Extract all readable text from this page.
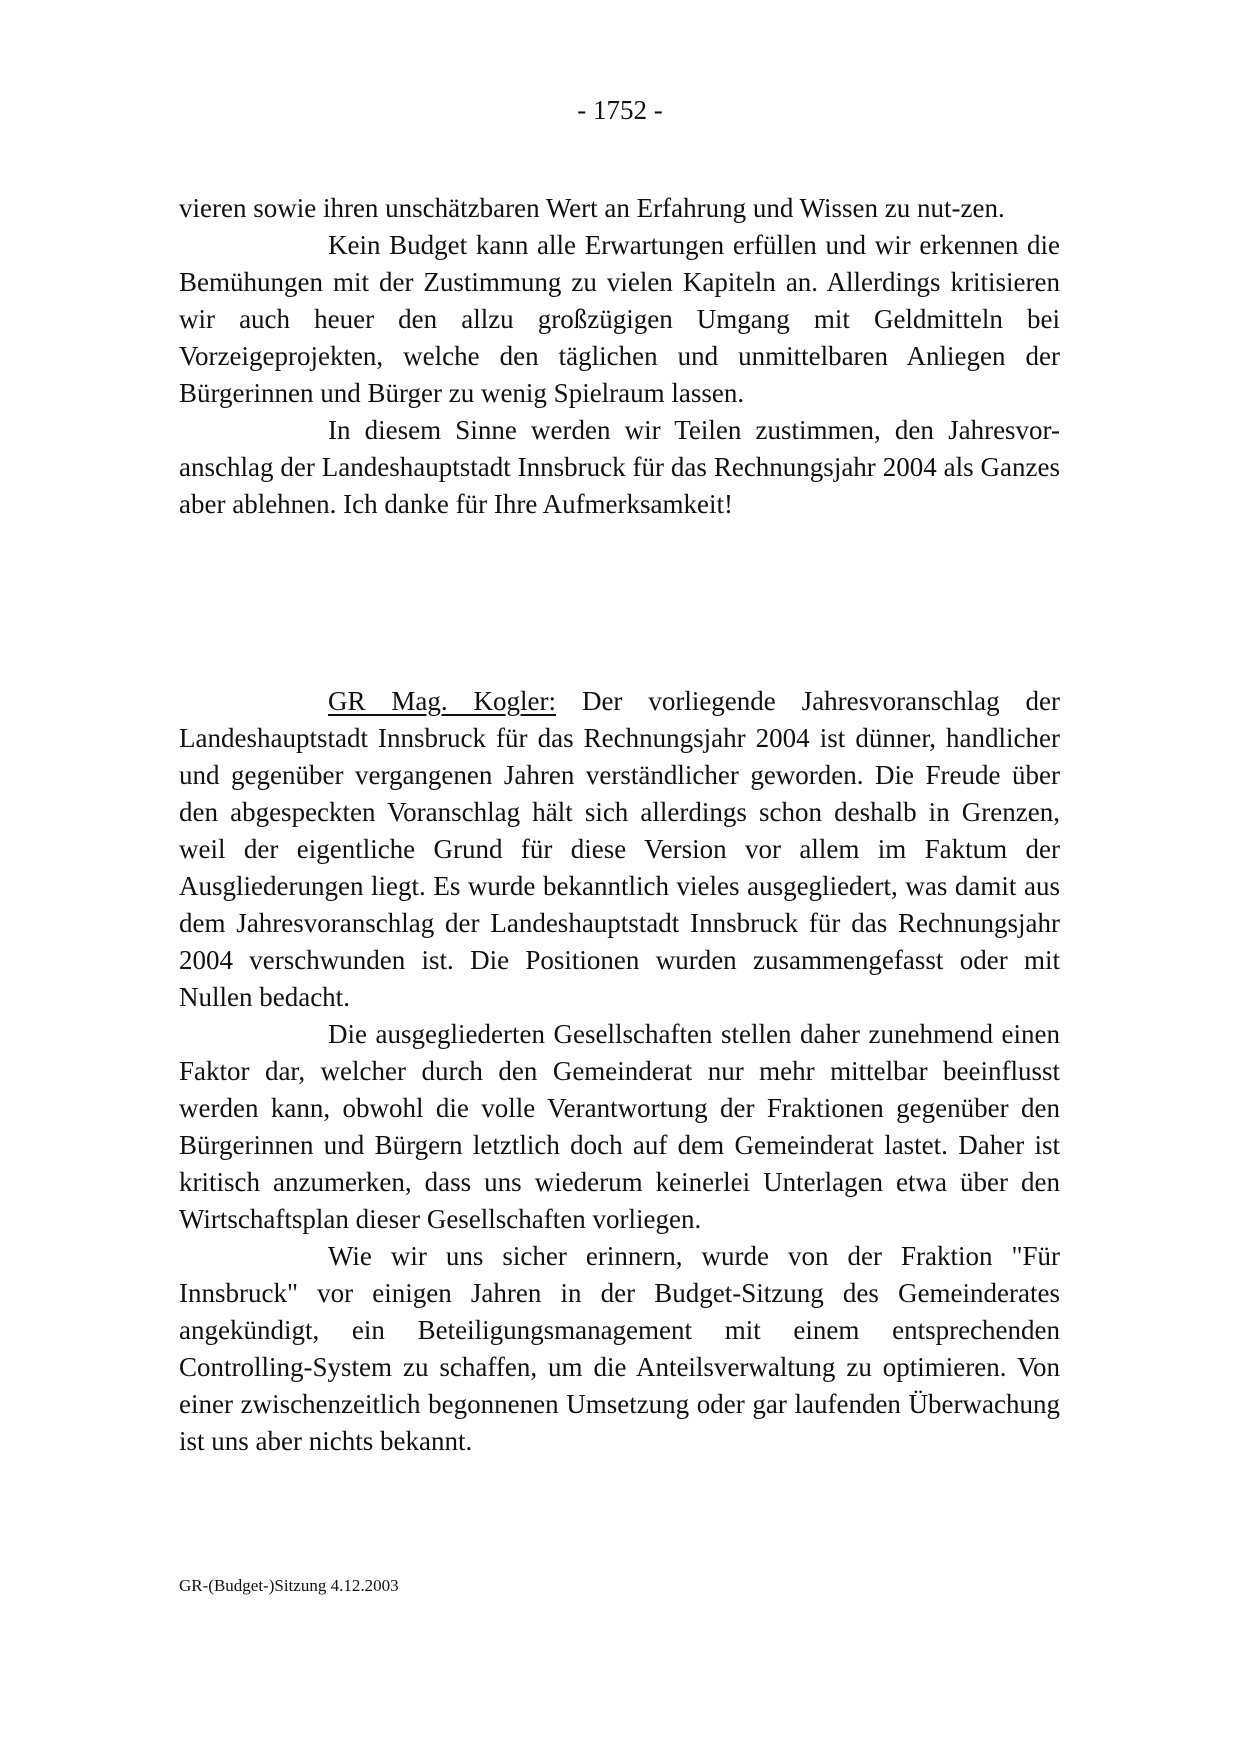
- 1752 -

vieren sowie ihren unschätzbaren Wert an Erfahrung und Wissen zu nut-zen.

Kein Budget kann alle Erwartungen erfüllen und wir erkennen die Bemühungen mit der Zustimmung zu vielen Kapiteln an. Allerdings kritisieren wir auch heuer den allzu großzügigen Umgang mit Geldmitteln bei Vorzeigeprojekten, welche den täglichen und unmittelbaren Anliegen der Bürgerinnen und Bürger zu wenig Spielraum lassen.

In diesem Sinne werden wir Teilen zustimmen, den Jahresvor-anschlag der Landeshauptstadt Innsbruck für das Rechnungsjahr 2004 als Ganzes aber ablehnen. Ich danke für Ihre Aufmerksamkeit!

GR Mag. Kogler: Der vorliegende Jahresvoranschlag der Landeshauptstadt Innsbruck für das Rechnungsjahr 2004 ist dünner, handlicher und gegenüber vergangenen Jahren verständlicher geworden. Die Freude über den abgespeckten Voranschlag hält sich allerdings schon deshalb in Grenzen, weil der eigentliche Grund für diese Version vor allem im Faktum der Ausgliederungen liegt. Es wurde bekanntlich vieles ausgegliedert, was damit aus dem Jahresvoranschlag der Landeshauptstadt Innsbruck für das Rechnungsjahr 2004 verschwunden ist. Die Positionen wurden zusammengefasst oder mit Nullen bedacht.

Die ausgegliederten Gesellschaften stellen daher zunehmend einen Faktor dar, welcher durch den Gemeinderat nur mehr mittelbar beeinflusst werden kann, obwohl die volle Verantwortung der Fraktionen gegenüber den Bürgerinnen und Bürgern letztlich doch auf dem Gemeinderat lastet. Daher ist kritisch anzumerken, dass uns wiederum keinerlei Unterlagen etwa über den Wirtschaftsplan dieser Gesellschaften vorliegen.

Wie wir uns sicher erinnern, wurde von der Fraktion "Für Innsbruck" vor einigen Jahren in der Budget-Sitzung des Gemeinderates angekündigt, ein Beteiligungsmanagement mit einem entsprechenden Controlling-System zu schaffen, um die Anteilsverwaltung zu optimieren. Von einer zwischenzeitlich begonnenen Umsetzung oder gar laufenden Überwachung ist uns aber nichts bekannt.

GR-(Budget-)Sitzung 4.12.2003
